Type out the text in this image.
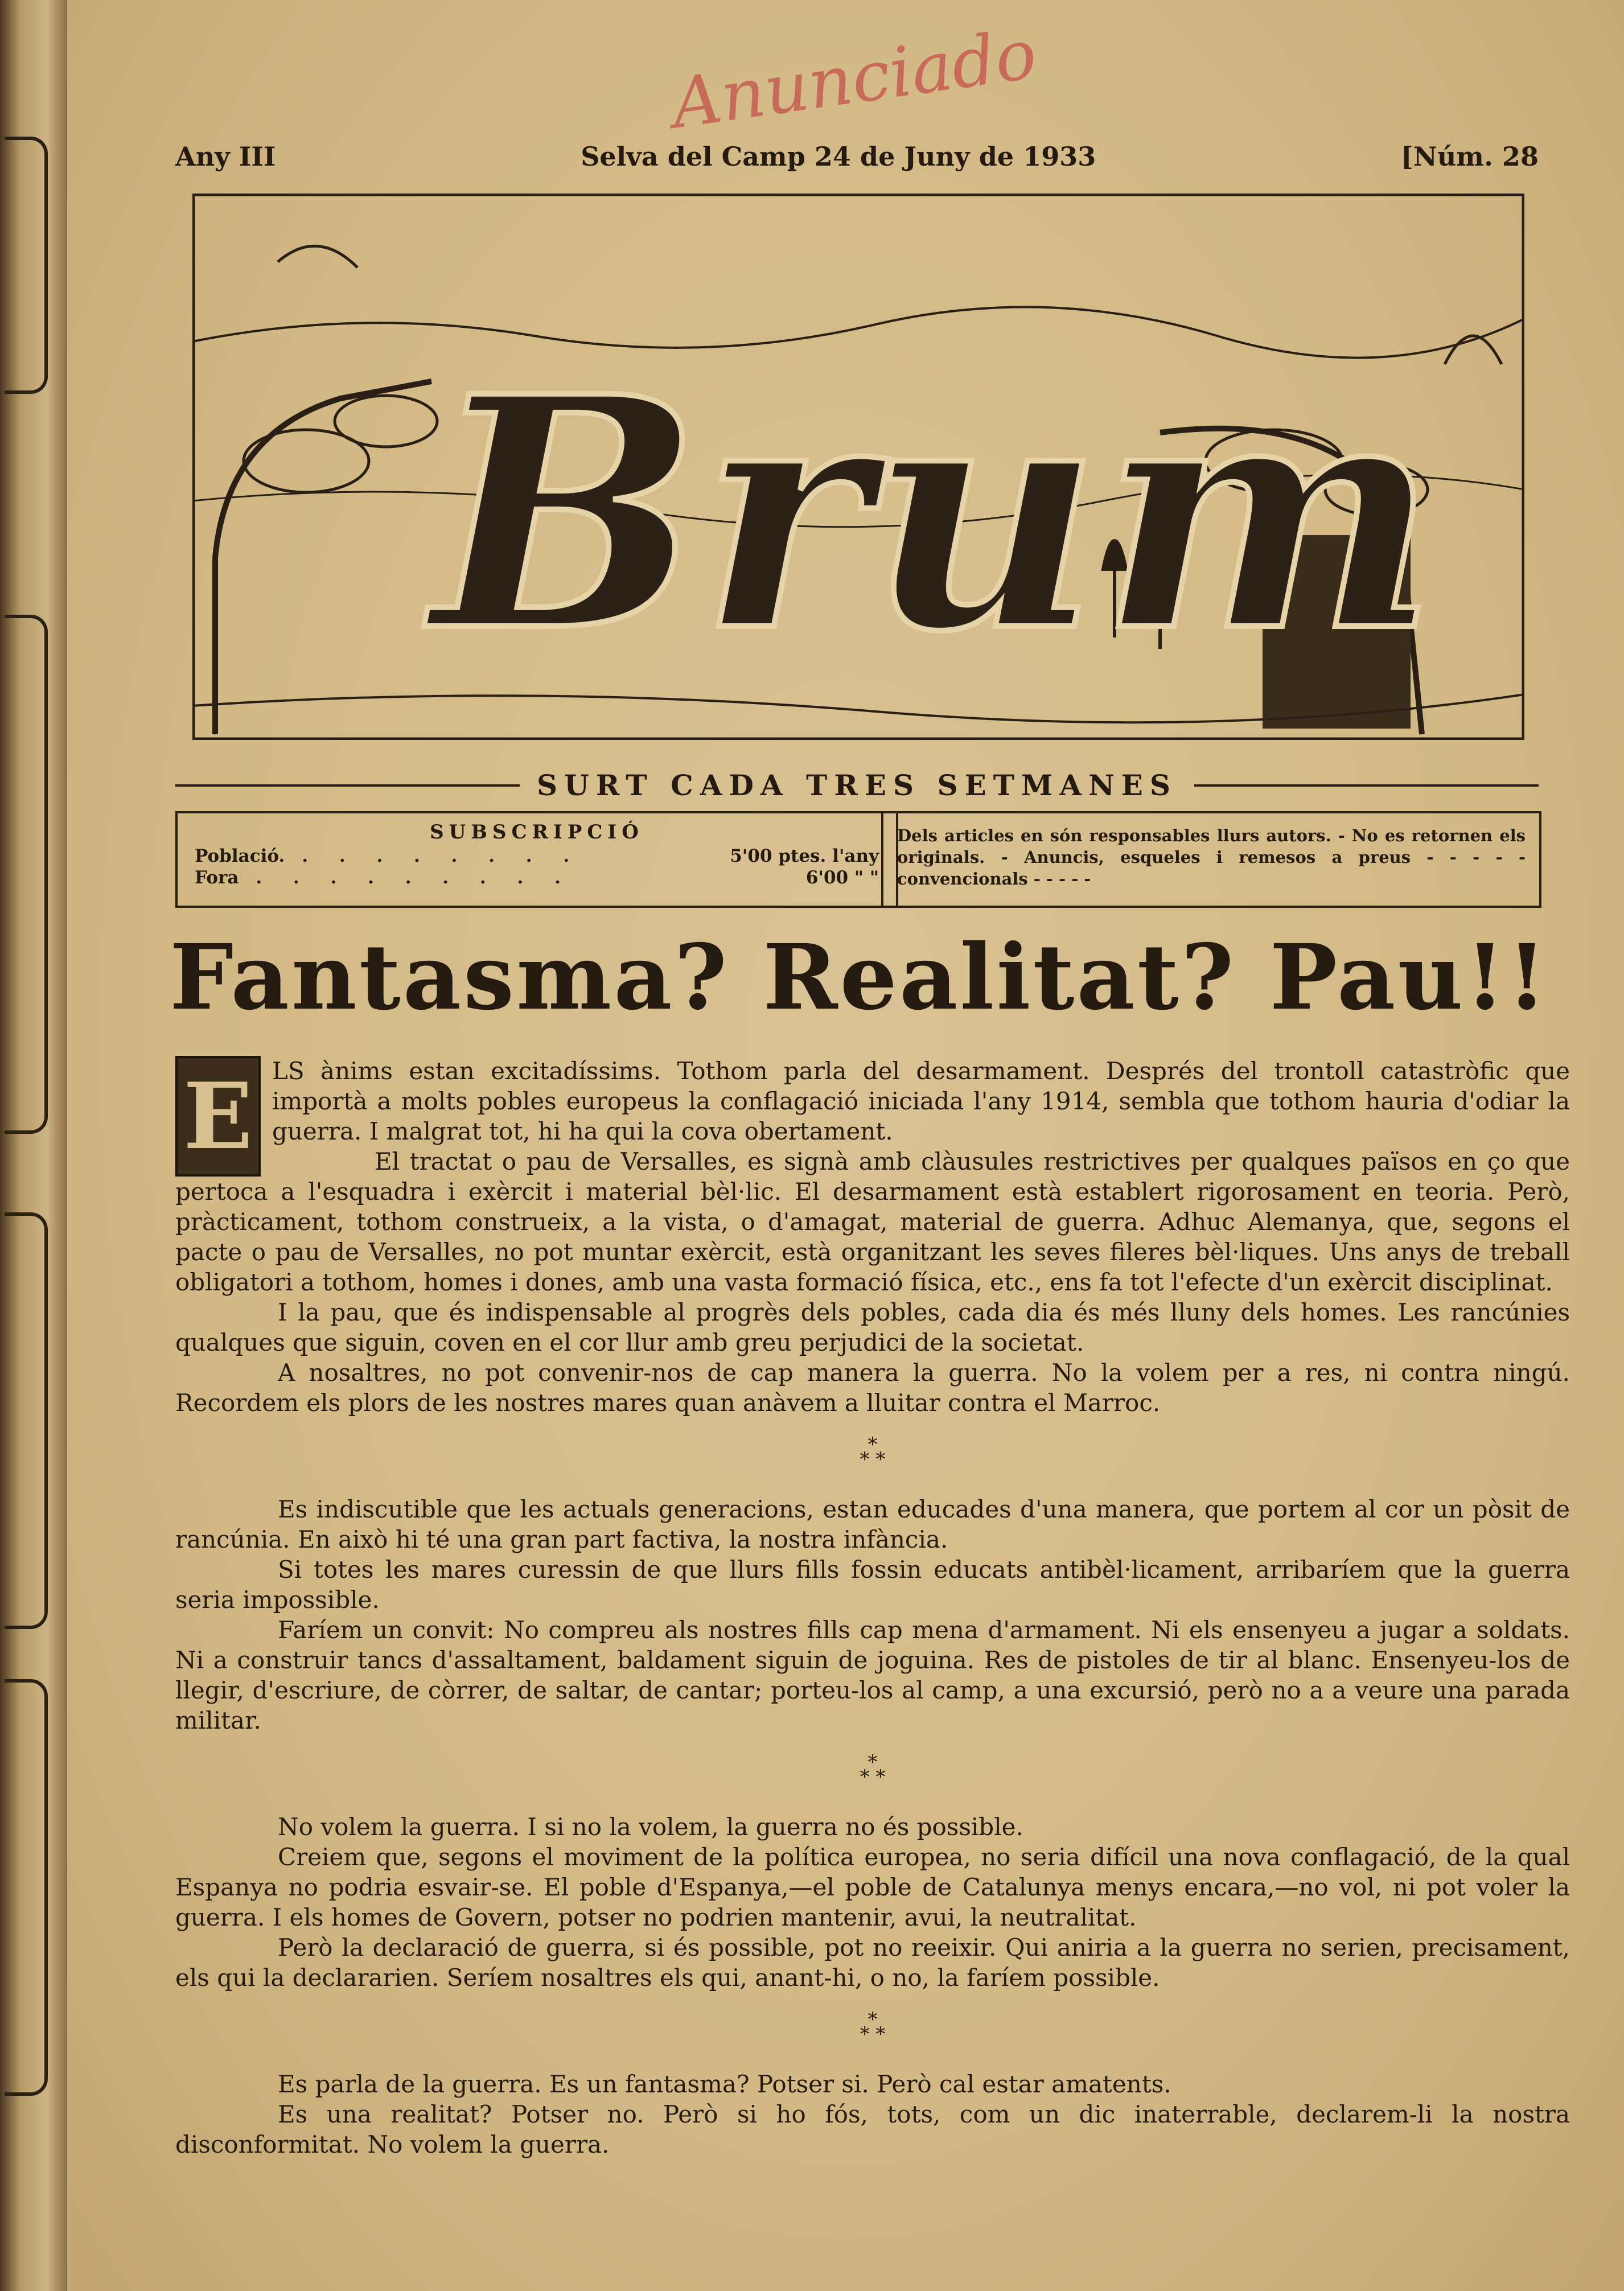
Anunciado
Any III	Selva del Camp 24 de Juny de 1933	[Núm. 28
Brum
SURT CADA TRES SETMANES
SUBSCRIPCIÓ
Població. . . . . . . . .	5'00 ptes. l'any
Fora . . . . . . . . .	6'00 " "
Dels articles en són responsables llurs autors. - No es retornen els originals. - Anuncis, esqueles i remesos a preus - - - - - convencionals - - - - -
Fantasma? Realitat? Pau!!
E LS ànims estan excitadíssims. Tothom parla del desarmament. Després del trontoll catastròfic que importà a molts pobles europeus la conflagació iniciada l'any 1914, sembla que tothom hauria d'odiar la guerra. I malgrat tot, hi ha qui la cova obertament.

El tractat o pau de Versalles, es signà amb clàusules restrictives per qualques països en ço que pertoca a l'esquadra i exèrcit i material bèl·lic. El desarmament està establert rigorosament en teoria. Però, pràcticament, tothom construeix, a la vista, o d'amagat, material de guerra. Adhuc Alemanya, que, segons el pacte o pau de Versalles, no pot muntar exèrcit, està organitzant les seves fileres bèl·liques. Uns anys de treball obligatori a tothom, homes i dones, amb una vasta formació física, etc., ens fa tot l'efecte d'un exèrcit disciplinat.

I la pau, que és indispensable al progrès dels pobles, cada dia és més lluny dels homes. Les rancúnies qualques que siguin, coven en el cor llur amb greu perjudici de la societat.

A nosaltres, no pot convenir-nos de cap manera la guerra. No la volem per a res, ni contra ningú. Recordem els plors de les nostres mares quan anàvem a lluitar contra el Marroc.

*
* *

Es indiscutible que les actuals generacions, estan educades d'una manera, que portem al cor un pòsit de rancúnia. En això hi té una gran part factiva, la nostra infància.

Si totes les mares curessin de que llurs fills fossin educats antibèl·licament, arribaríem que la guerra seria impossible.

Faríem un convit: No compreu als nostres fills cap mena d'armament. Ni els ensenyeu a jugar a soldats. Ni a construir tancs d'assaltament, baldament siguin de joguina. Res de pistoles de tir al blanc. Ensenyeu-los de llegir, d'escriure, de còrrer, de saltar, de cantar; porteu-los al camp, a una excursió, però no a a veure una parada militar.

*
* *

No volem la guerra. I si no la volem, la guerra no és possible.

Creiem que, segons el moviment de la política europea, no seria difícil una nova conflagació, de la qual Espanya no podria esvair-se. El poble d'Espanya,—el poble de Catalunya menys encara,—no vol, ni pot voler la guerra. I els homes de Govern, potser no podrien mantenir, avui, la neutralitat.

Però la declaració de guerra, si és possible, pot no reeixir. Qui aniria a la guerra no serien, precisament, els qui la declararien. Seríem nosaltres els qui, anant-hi, o no, la faríem possible.

*
* *

Es parla de la guerra. Es un fantasma? Potser si. Però cal estar amatents.

Es una realitat? Potser no. Però si ho fós, tots, com un dic inaterrable, declarem-li la nostra disconformitat. No volem la guerra.
